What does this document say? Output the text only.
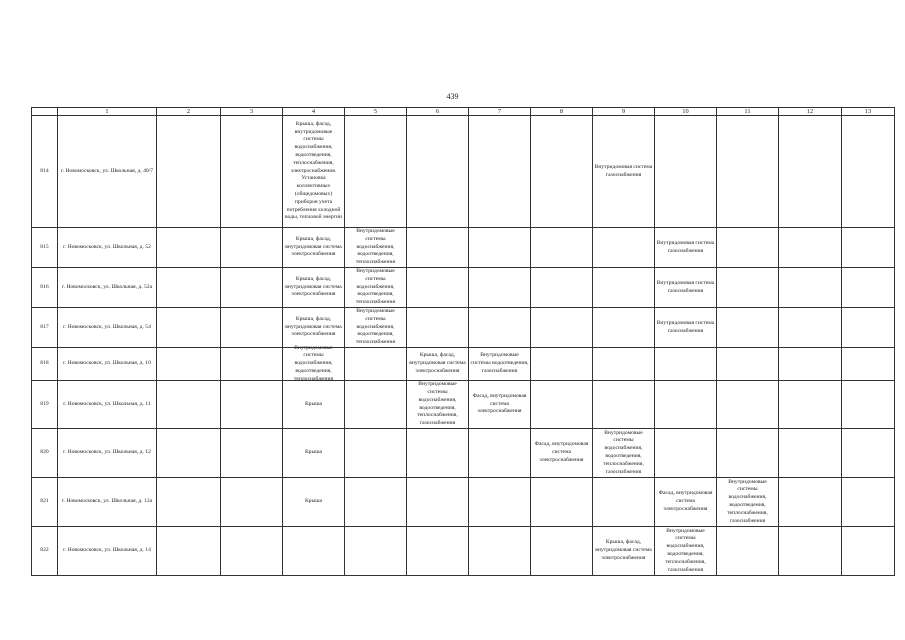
439
	1	2	3	4	5	6	7	8	9	10	11	12	13

814	г. Новомосковск, ул. Школьная, д. 40/7			Крыша, фасад, внутридомовые системы водоснабжения, водоотведения, теплоснабжения, электроснабжения. Установка коллективных (общедомовых) приборов учета потребления холодной воды, тепловой энергии					Внутридомовая система газоснабжения				

815	г. Новомосковск, ул. Школьная, д. 52			Крыша, фасад, внутридомовая система электроснабжения	Внутридомовые системы водоснабжения, водоотведения, теплоснабжения					Внутридомовая система газоснабжения			

816	г. Новомосковск, ул. Школьная, д. 52а			Крыша, фасад, внутридомовая система электроснабжения	Внутридомовые системы водоснабжения, водоотведения, теплоснабжения					Внутридомовая система газоснабжения			

817	г. Новомосковск, ул. Школьная, д. 54			Крыша, фасад, внутридомовая система электроснабжения	Внутридомовые системы водоснабжения, водоотведения, теплоснабжения					Внутридомовая система газоснабжения			

818	г. Новомосковск, ул. Школьная, д. 10			Внутридомовые системы водоснабжения, водоотведения, теплоснабжения		Крыша, фасад, внутридомовая система электроснабжения	Внутридомовые системы водоотведения, газоснабжения						

819	г. Новомосковск, ул. Школьная, д. 11			Крыша		Внутридомовые системы водоснабжения, водоотведения, теплоснабжения, газоснабжения	Фасад, внутридомовая система электроснабжения						

820	г. Новомосковск, ул. Школьная, д. 12			Крыша				Фасад, внутридомовая система электроснабжения	Внутридомовые системы водоснабжения, водоотведения, теплоснабжения, газоснабжения				

821	г. Новомосковск, ул. Школьная, д. 12а			Крыша						Фасад, внутридомовая система электроснабжения	Внутридомовые системы водоснабжения, водоотведения, теплоснабжения, газоснабжения		

822	г. Новомосковск, ул. Школьная, д. 14								Крыша, фасад, внутридомовая система электроснабжения	Внутридомовые системы водоснабжения, водоотведения, теплоснабжения, газоснабжения			
